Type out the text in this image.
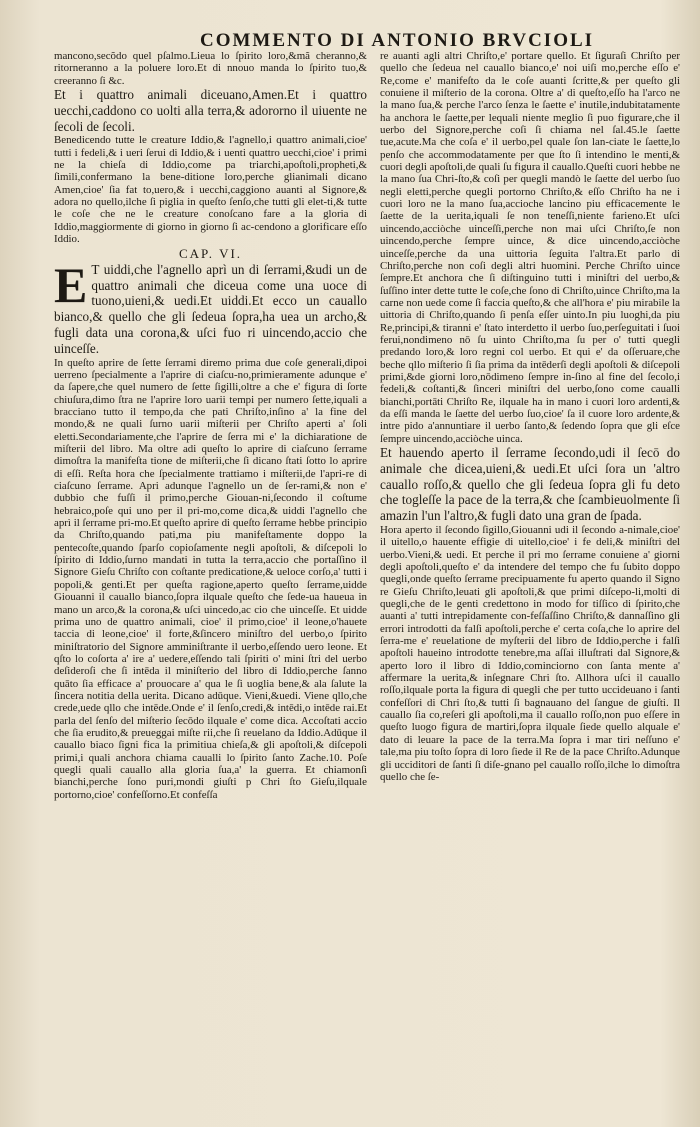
COMMENTO DI ANTONIO BRVCIOLI

mancono,secõdo quel pſalmo.Lieua lo ſpirito loro,&mã cheranno,& ritorneranno a la poluere loro.Et di nnouo manda lo ſpirito tuo,& creeranno ſi &c.

Et i quattro animali diceuano,Amen.Et i quattro uecchi,caddono co uolti alla terra,& adororno il uiuente ne ſecoli de ſecoli.

Benedicendo tutte le creature Iddio,& l'agnello,i quattro animali,cioe' tutti i fedeli,& i ueri ſerui di Iddio,& i uenti quattro uecchi,cioe' i primi ne la chieſa di Iddio,come pa triarchi,apoſtoli,propheti,& ſimili,confermano la bene-ditione loro,perche glianimali dicano Amen,cioe' ſia fat to,uero,& i uecchi,caggiono auanti al Signore,& adora no quello,ilche ſi piglia in queſto ſenſo,che tutti gli elet-ti,& tutte le coſe che ne le creature conoſcano fare a la gloria di Iddio,maggiormente di giorno in giorno ſi ac-cendono a glorificare eſſo Iddio.

CAP. VI.
E T uiddi,che l'agnello aprì un di ſerrami,&udi un de quattro animali che diceua come una uoce di tuono,uieni,& uedi.Et uiddi.Et ecco un cauallo bianco,& quello che gli ſedeua ſopra,ha uea un archo,& fugli data una corona,& uſci fuo ri uincendo,accio che uinceſſe.

In queſto aprire de ſette ſerrami diremo prima due coſe generali,dipoi uerreno ſpecialmente a l'aprire di ciaſcu-no,primieramente adunque e' da ſapere,che quel numero de ſette ſigilli,oltre a che e' figura di ſorte chiuſura,dimo ſtra ne l'aprire loro uarii tempi per numero ſette,iquali a bracciano tutto il tempo,da che pati Chriſto,inſino a' la fine del mondo,& ne quali ſurno uarii miſterii per Chriſto aperti a' ſoli eletti.Secondariamente,che l'aprire de ſerra mi e' la dichiaratione de miſterii del libro. Ma oltre adi queſto lo aprire di ciaſcuno ſerrame dimoſtra la manifeſta tione de miſterii,che ſi dicano ſtati ſotto lo aprire di eſſi. Reſta hora che ſpecialmente trattiamo i miſterii,de l'apri-re di ciaſcuno ſerrame. Apri adunque l'agnello un de ſer-rami,& non e' dubbio che fuſſi il primo,perche Giouan-ni,ſecondo il coſtume hebraico,poſe qui uno per il pri-mo,come dica,& uiddi l'agnello che aprì il ſerrame pri-mo.Et queſto aprire di queſto ſerrame hebbe principio da Chriſto,quando pati,ma piu manifeſtamente doppo la pentecoſte,quando ſparſo copioſamente negli apoſtoli, & diſcepoli lo ſpirito di Iddio,ſurno mandati in tutta la terra,accio che portaſſino il Signore Gieſu Chriſto con coſtante predicatione,& ueloce corſo,a' tutti i popoli,& genti.Et per queſta ragione,aperto queſto ſerrame,uidde Giouanni il cauallo bianco,ſopra ilquale queſto che ſede-ua haueua in mano un arco,& la corona,& uſci uincedo,ac cio che uinceſſe. Et uidde prima uno de quattro animali, cioe' il primo,cioe' il leone,o'hauete taccia di leone,cioe' il forte,&ſincero miniſtro del uerbo,o ſpirito miniſtratorio del Signore amminiſtrante il uerbo,eſſendo uero leone. Et qſto lo coſorta a' ire a' uedere,eſſendo tali ſpiriti o' mini ſtri del uerbo deſideroſi che ſi intēda il miniſterio del libro di Iddio,perche ſanno quāto ſia efficace a' prouocare a' qua le ſi uoglia bene,& ala ſalute la ſincera notitia della uerita. Dicano adūque. Vieni,&uedi. Viene qllo,che crede,uede qllo che intēde.Onde e' il ſenſo,credi,& intēdi,o intēde rai.Et parla del ſenſo del miſterio ſecōdo ilquale e' come dica. Accoſtati accio che ſia erudito,& preueggai miſte rii,che ſi reuelano da Iddio.Adūque il cauallo biaco ſigni fica la primitiua chieſa,& gli apoſtoli,& diſcepoli primi,i quali anchora chiama caualli lo ſpirito ſanto Zache.10. Poſe quegli quali cauallo alla gloria ſua,a' la guerra. Et chiamonſi bianchi,perche ſono puri,mondi giuſti p Chri ſto Gieſu,ilquale portorno,cioe' confeſſorno.Et confeſſa

re auanti agli altri Chriſto,e' portare quello. Et ſiguraſi Chriſto per quello che ſedeua nel cauallo bianco,e' noi uiſi mo,perche eſſo e' Re,come e' manifeſto da le coſe auanti ſcritte,& per queſto gli conuiene il miſterio de la corona. Oltre a' di queſto,eſſo ha l'arco ne la mano ſua,& perche l'arco ſenza le ſaette e' inutile,indubitatamente ha anchora le ſaette,per lequali niente meglio ſi puo figurare,che il uerbo del Signore,perche coſi ſi chiama nel ſal.45.le ſaette tue,acute.Ma che coſa e' il uerbo,pel quale ſon lan-ciate le ſaette,lo penſo che accommodatamente per que ſto ſi intendino le menti,& cuori degli apoſtoli,de quali ſu figura il cauallo.Queſti cuori hebbe ne la mano ſua Chri-ſto,& coſi per quegli mandò le ſaette del uerbo ſuo negli eletti,perche quegli portorno Chriſto,& eſſo Chriſto ha ne i cuori loro ne la mano ſua,accioche lancino piu efficacemente le ſaette de la uerita,iquali ſe non teneſſi,niente farieno.Et uſci uincendo,acciòche uinceſſi,perche non mai uſci Chriſto,ſe non uincendo,perche ſempre uince, & dice uincendo,acciòche uinceſſe,perche da una uittoria ſeguita l'altra.Et parlo di Chriſto,perche non coſi degli altri huomini. Perche Chriſto uince ſempre.Et anchora che ſi diſtinguino tutti i miniſtri del uerbo,& ſuſſino inter dette tutte le coſe,che ſono di Chriſto,uince Chriſto,ma la carne non uede come ſi faccia queſto,& che all'hora e' piu mirabile la uittoria di Chriſto,quando ſi penſa eſſer uinto.In piu luoghi,da piu Re,principi,& tiranni e' ſtato interdetto il uerbo ſuo,perſeguitati i ſuoi ferui,nondimeno nō ſu uinto Chriſto,ma ſu per o' tutti quegli predando loro,& loro regni col uerbo. Et qui e' da oſſeruare,che beche qllo miſterio ſi ſia prima da intēderſi degli apoſtoli & diſcepoli primi,&de giorni loro,nōdimeno ſempre in-ſino al fine del ſecolo,i fedeli,& coſtanti,& ſinceri miniſtri del uerbo,ſono come caualli bianchi,portāti Chriſto Re, ilquale ha in mano i cuori loro ardenti,& da eſſi manda le ſaette del uerbo ſuo,cioe' ſa il cuore loro ardente,& intre pido a'annuntiare il uerbo ſanto,& ſedendo ſopra que gli eſce ſempre uincendo,acciòche uinca.

Et hauendo aperto il ſerrame ſecondo,udi il ſecō do animale che dicea,uieni,& uedi.Et uſci ſora un 'altro cauallo roſſo,& quello che gli ſedeua ſopra gli fu deto che togleſſe la pace de la terra,& che ſcambieuolmente ſi amazin l'un l'altro,& fugli dato una gran de ſpada.

Hora aperto il ſecondo ſigillo,Giouanni udi il ſecondo a-nimale,cioe' il uitello,o hauente effigie di uitello,cioe' i fe deli,& miniſtri del uerbo.Vieni,& uedi. Et perche il pri mo ſerrame conuiene a' giorni degli apoſtoli,queſto e' da intendere del tempo che fu ſubito doppo quegli,onde queſto ſerrame precipuamente fu aperto quando il Signo re Gieſu Chriſto,leuati gli apoſtoli,& que primi diſcepo-li,molti di quegli,che de le genti credettono in modo for tiſſico di ſpirito,che auanti a' tutti intrepidamente con-feſſaſſino Chriſto,& dannaſſino gli errori introdotti da falſi apoſtoli,perche e' certa coſa,che lo aprire del ſerra-me e' reuelatione de myſterii del libro de Iddio,perche i falſi apoſtoli haueino introdotte tenebre,ma aſſai illuſtrati dal Signore,& aperto loro il libro di Iddio,cominciorno con ſanta mente a' affermare la uerita,& inſegnare Chri ſto. Allhora uſci il cauallo roſſo,ilquale porta la figura di quegli che per tutto uccideuano i ſanti confeſſori di Chri ſto,& tutti ſi bagnauano del ſangue de giuſti. Il cauallo ſia co,reſeri gli apoſtoli,ma il cauallo roſſo,non puo eſſere in queſto luogo figura de martiri,ſopra ilquale ſiede quello alquale e' dato di leuare la pace de la terra.Ma ſopra i mar tiri neſſuno e' tale,ma piu toſto ſopra di loro ſiede il Re de la pace Chriſto.Adunque gli ucciditori de ſanti ſi diſe-gnano pel cauallo roſſo,ilche lo dimoſtra quello che ſe-
